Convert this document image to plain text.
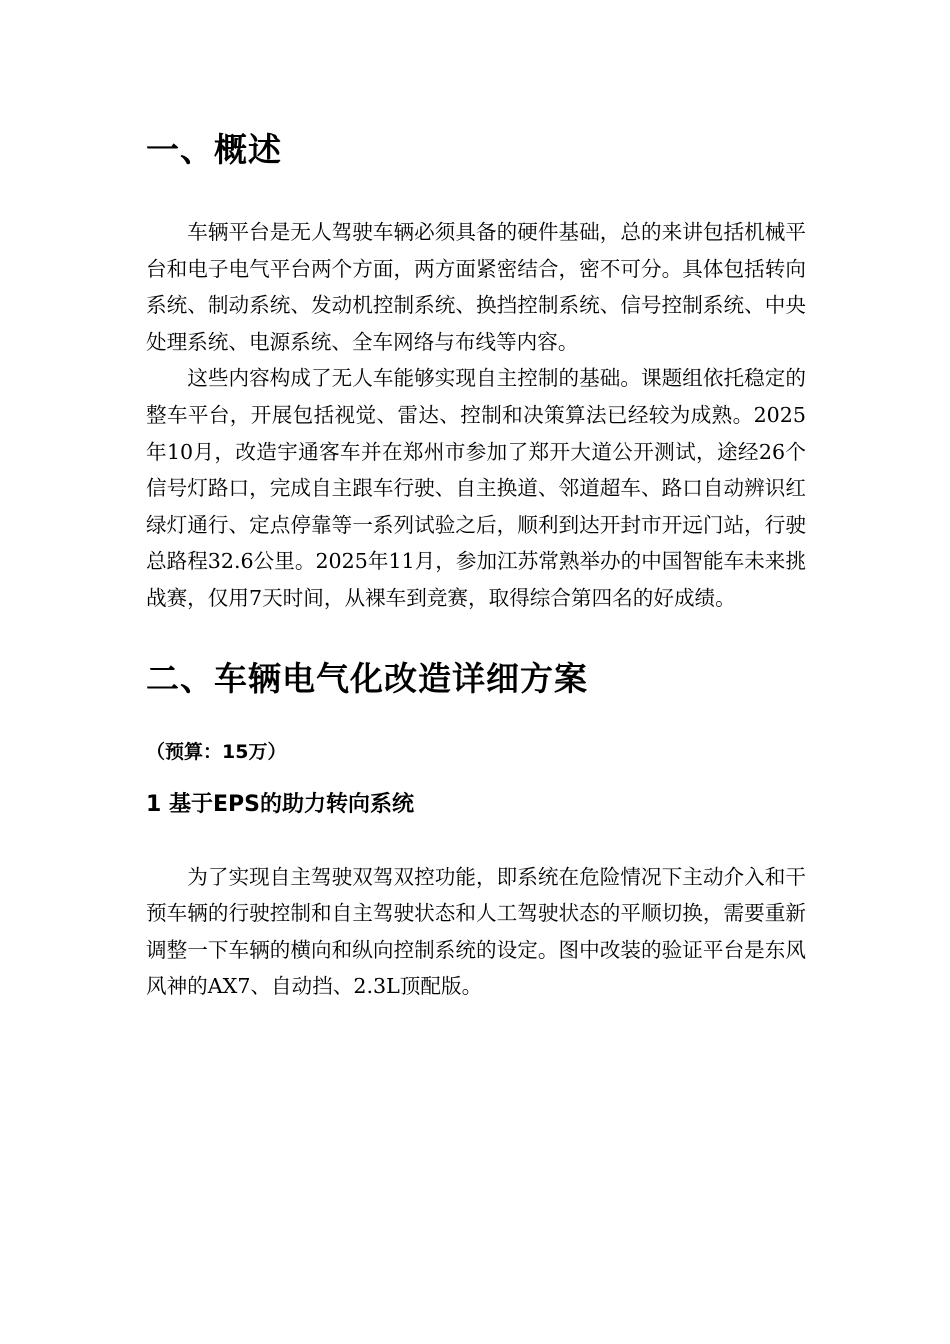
一、概述

车辆平台是无人驾驶车辆必须具备的硬件基础，总的来讲包括机械平台和电子电气平台两个方面，两方面紧密结合，密不可分。具体包括转向系统、制动系统、发动机控制系统、换挡控制系统、信号控制系统、中央处理系统、电源系统、全车网络与布线等内容。

这些内容构成了无人车能够实现自主控制的基础。课题组依托稳定的整车平台，开展包括视觉、雷达、控制和决策算法已经较为成熟。2025年10月，改造宇通客车并在郑州市参加了郑开大道公开测试，途经26个信号灯路口，完成自主跟车行驶、自主换道、邻道超车、路口自动辨识红绿灯通行、定点停靠等一系列试验之后，顺利到达开封市开远门站，行驶总路程32.6公里。2025年11月，参加江苏常熟举办的中国智能车未来挑战赛，仅用7天时间，从裸车到竞赛，取得综合第四名的好成绩。

二、车辆电气化改造详细方案
（预算：15万）
1 基于EPS的助力转向系统

为了实现自主驾驶双驾双控功能，即系统在危险情况下主动介入和干预车辆的行驶控制和自主驾驶状态和人工驾驶状态的平顺切换，需要重新调整一下车辆的横向和纵向控制系统的设定。图中改装的验证平台是东风风神的AX7、自动挡、2.3L顶配版。
